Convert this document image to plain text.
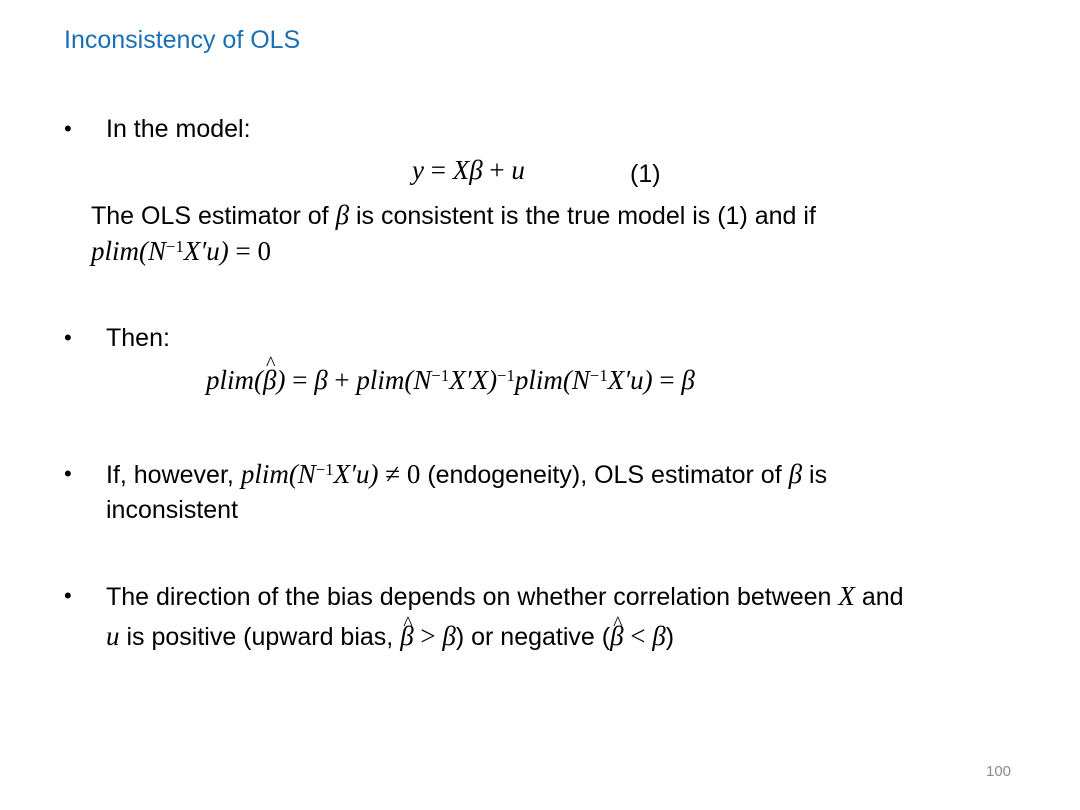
Inconsistency of OLS
• In the model:
y = Xβ + u	(1)
The OLS estimator of β is consistent is the true model is (1) and if
$plim(N^{-1}X'u) = 0$
• Then:
plim(^ $\beta) = \beta + plim(N^{-1}X'X)^{-1}plim(N^{-1}X'u) = \beta$
• If, however, $plim(N^{-1}X'u) \ne 0$ (endogeneity), OLS estimator of β is
inconsistent
• The direction of the bias depends on whether correlation between X and
u is positive (upward bias, ^ β > β) or negative (^ β < β)
100
